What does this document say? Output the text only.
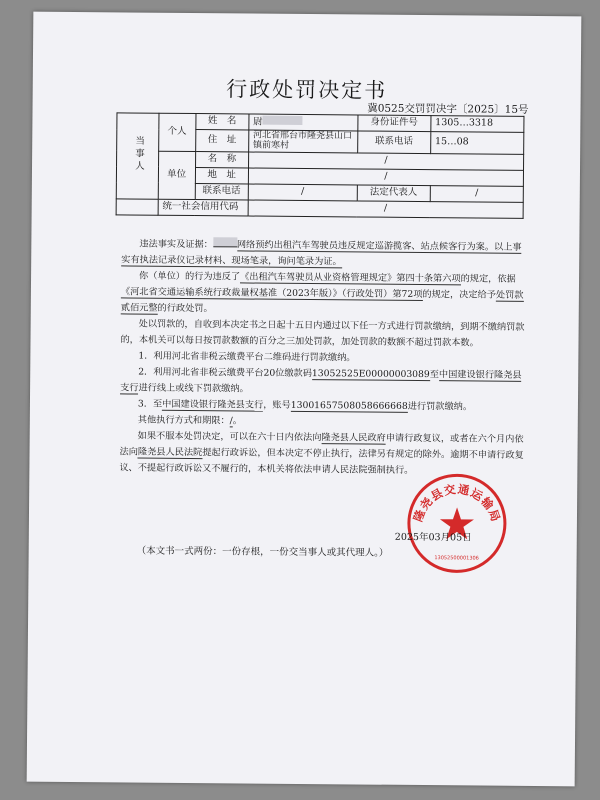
行政处罚决定书
冀0525交罚罚决字〔2025〕15号
当事人	个人	姓　名	尉	身份证件号	1305…3318
		住　址	河北省邢台市隆尧县山口镇前寒村	联系电话	15…08

	单位	名　称	/		
		地　址	/		
		联系电话	/	法定代表人	/
	统一社会信用代码		/		

违法事实及证据：	网络预约出租汽车驾驶员违反规定巡游揽客、站点候客行为案。以上事实有执法记录仪记录材料、现场笔录，询问笔录为证。

你（单位）的行为违反了《出租汽车驾驶员从业资格管理规定》第四十条第六项的规定，依据《河北省交通运输系统行政裁量权基准（2023年版）》（行政处罚）第72项的规定，决定给予处罚款贰佰元整的行政处罚。

处以罚款的，自收到本决定书之日起十五日内通过以下任一方式进行罚款缴纳，到期不缴纳罚款的，本机关可以每日按罚款数额的百分之三加处罚款，加处罚款的数额不超过罚款本数。

1．利用河北省非税云缴费平台二维码进行罚款缴纳。

2．利用河北省非税云缴费平台20位缴款码13052525E00000003089至中国建设银行隆尧县支行进行线上或线下罚款缴纳。

3．至中国建设银行隆尧县支行，账号13001657508058666668进行罚款缴纳。

其他执行方式和期限：/。

如果不服本处罚决定，可以在六十日内依法向隆尧县人民政府申请行政复议，或者在六个月内依法向隆尧县人民法院提起行政诉讼，但本决定不停止执行，法律另有规定的除外。逾期不申请行政复议、不提起行政诉讼又不履行的，本机关将依法申请人民法院强制执行。

隆尧县交通运输局
13052500001306
2025年03月05日
（本文书一式两份：一份存根，一份交当事人或其代理人。）
